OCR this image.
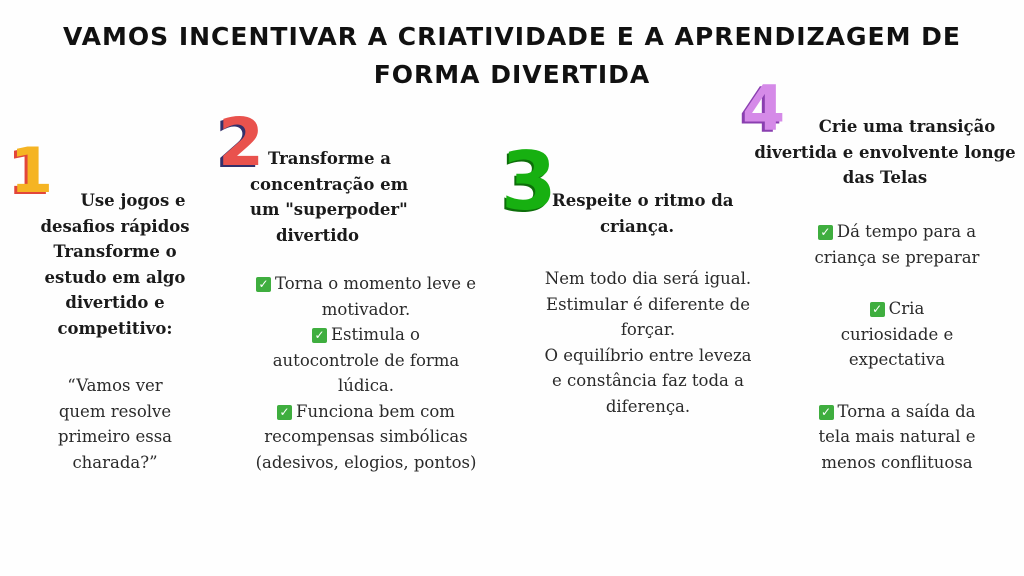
VAMOS INCENTIVAR A CRIATIVIDADE E A APRENDIZAGEM DE FORMA DIVERTIDA
1	Use jogos e
desafios rápidos
Transforme o
estudo em algo
divertido e
competitivo:
“Vamos ver
quem resolve
primeiro essa
charada?”
2 Transforme a
concentração em
um "superpoder"
divertido
✓ Torna o momento leve e
motivador.
✓ Estimula o
autocontrole de forma
lúdica.
✓ Funciona bem com
recompensas simbólicas
(adesivos, elogios, pontos)
3
Respeite o ritmo da
criança.
Nem todo dia será igual.
Estimular é diferente de
forçar.
O equilíbrio entre leveza
e constância faz toda a
diferença.
4	Crie uma transição
divertida e envolvente longe
das Telas
✓ Dá tempo para a
criança se preparar
✓ Cria
curiosidade e
expectativa
✓ Torna a saída da
tela mais natural e
menos conflituosa
